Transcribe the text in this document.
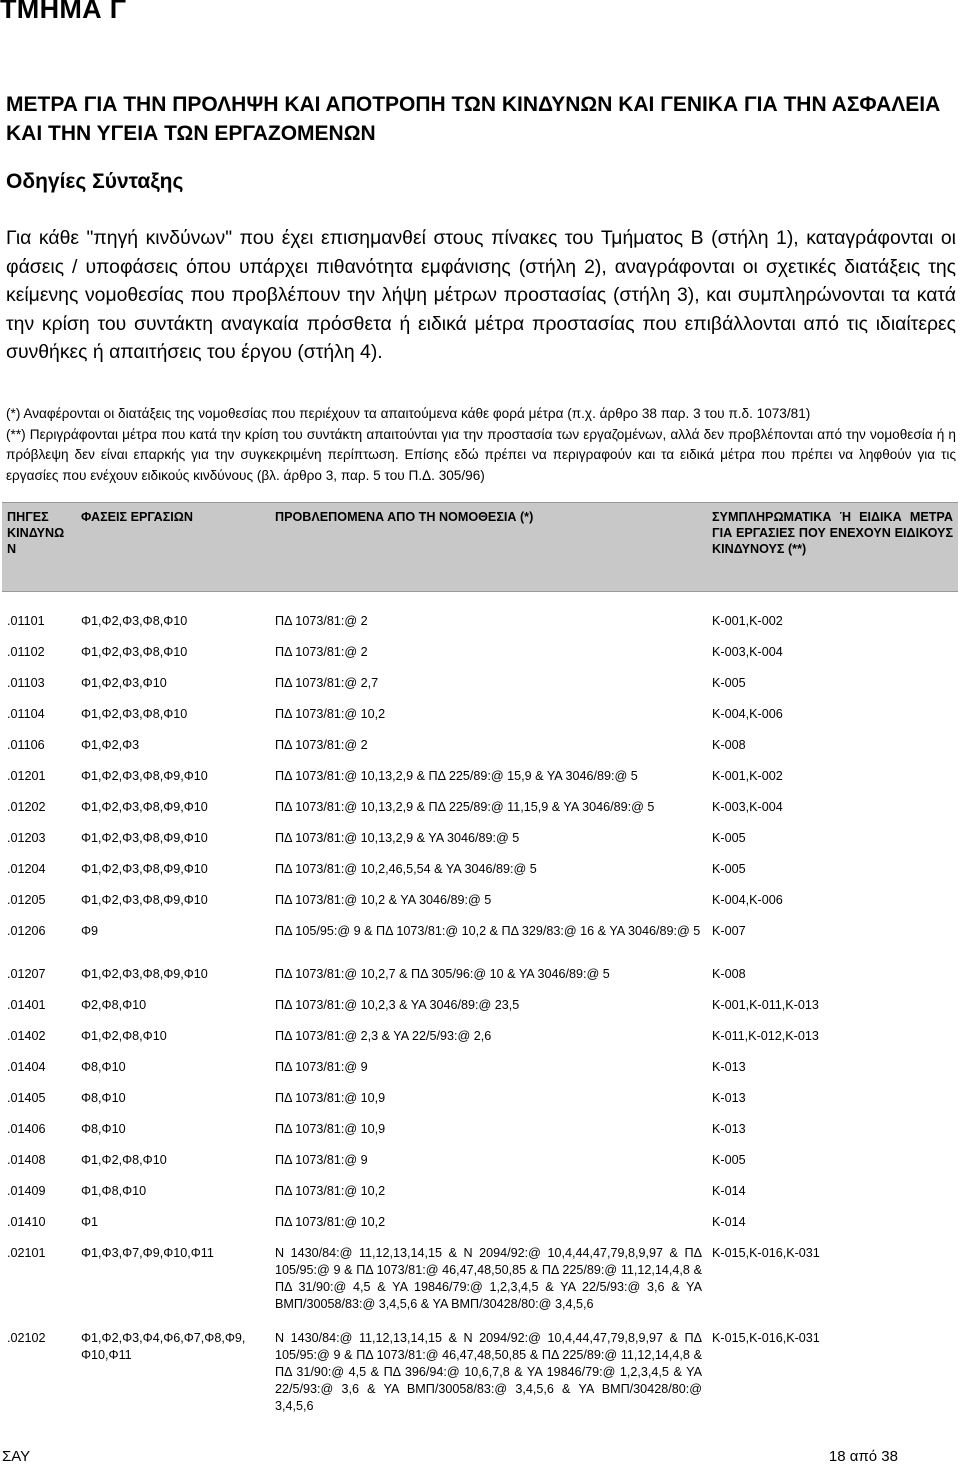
ΤΜΗΜΑ Γ
ΜΕΤΡΑ ΓΙΑ ΤΗΝ ΠΡΟΛΗΨΗ ΚΑΙ ΑΠΟΤΡΟΠΗ ΤΩΝ ΚΙΝΔΥΝΩΝ ΚΑΙ ΓΕΝΙΚΑ ΓΙΑ ΤΗΝ ΑΣΦΑΛΕΙΑ ΚΑΙ ΤΗΝ ΥΓΕΙΑ ΤΩΝ ΕΡΓΑΖΟΜΕΝΩΝ
Οδηγίες Σύνταξης

Για κάθε "πηγή κινδύνων" που έχει επισημανθεί στους πίνακες του Τμήματος Β (στήλη 1), καταγράφονται οι φάσεις / υποφάσεις όπου υπάρχει πιθανότητα εμφάνισης (στήλη 2), αναγράφονται οι σχετικές διατάξεις της κείμενης νομοθεσίας που προβλέπουν την λήψη μέτρων προστασίας (στήλη 3), και συμπληρώνονται τα κατά την κρίση του συντάκτη αναγκαία πρόσθετα ή ειδικά μέτρα προστασίας που επιβάλλονται από τις ιδιαίτερες συνθήκες ή απαιτήσεις του έργου (στήλη 4).

(*) Αναφέρονται οι διατάξεις της νομοθεσίας που περιέχουν τα απαιτούμενα κάθε φορά μέτρα (π.χ. άρθρο 38 παρ. 3 του π.δ. 1073/81)

(**) Περιγράφονται μέτρα που κατά την κρίση του συντάκτη απαιτούνται για την προστασία των εργαζομένων, αλλά δεν προβλέπονται από την νομοθεσία ή η πρόβλεψη δεν είναι επαρκής για την συγκεκριμένη περίπτωση. Επίσης εδώ πρέπει να περιγραφούν και τα ειδικά μέτρα που πρέπει να ληφθούν για τις εργασίες που ενέχουν ειδικούς κινδύνους (βλ. άρθρο 3, παρ. 5 του Π.Δ. 305/96)

ΠΗΓΕΣ ΚΙΝΔΥΝΩ Ν	ΦΑΣΕΙΣ ΕΡΓΑΣΙΩΝ	ΠΡΟΒΛΕΠΟΜΕΝΑ ΑΠΟ ΤΗ ΝΟΜΟΘΕΣΙΑ (*)	ΣΥΜΠΛΗΡΩΜΑΤΙΚΑ Ή ΕΙΔΙΚΑ ΜΕΤΡΑ ΓΙΑ ΕΡΓΑΣΙΕΣ ΠΟΥ ΕΝΕΧΟΥΝ ΕΙΔΙΚΟΥΣ ΚΙΝΔΥΝΟΥΣ (**)

.01101	Φ1,Φ2,Φ3,Φ8,Φ10	ΠΔ 1073/81:@ 2	Κ-001,Κ-002
.01102	Φ1,Φ2,Φ3,Φ8,Φ10	ΠΔ 1073/81:@ 2	Κ-003,Κ-004
.01103	Φ1,Φ2,Φ3,Φ10	ΠΔ 1073/81:@ 2,7	Κ-005
.01104	Φ1,Φ2,Φ3,Φ8,Φ10	ΠΔ 1073/81:@ 10,2	Κ-004,Κ-006
.01106	Φ1,Φ2,Φ3	ΠΔ 1073/81:@ 2	Κ-008
.01201	Φ1,Φ2,Φ3,Φ8,Φ9,Φ10	ΠΔ 1073/81:@ 10,13,2,9 & ΠΔ 225/89:@ 15,9 & ΥΑ 3046/89:@ 5	Κ-001,Κ-002
.01202	Φ1,Φ2,Φ3,Φ8,Φ9,Φ10	ΠΔ 1073/81:@ 10,13,2,9 & ΠΔ 225/89:@ 11,15,9 & ΥΑ 3046/89:@ 5	Κ-003,Κ-004
.01203	Φ1,Φ2,Φ3,Φ8,Φ9,Φ10	ΠΔ 1073/81:@ 10,13,2,9 & ΥΑ 3046/89:@ 5	Κ-005
.01204	Φ1,Φ2,Φ3,Φ8,Φ9,Φ10	ΠΔ 1073/81:@ 10,2,46,5,54 & ΥΑ 3046/89:@ 5	Κ-005
.01205	Φ1,Φ2,Φ3,Φ8,Φ9,Φ10	ΠΔ 1073/81:@ 10,2 & ΥΑ 3046/89:@ 5	Κ-004,Κ-006
.01206	Φ9	ΠΔ 105/95:@ 9 & ΠΔ 1073/81:@ 10,2 & ΠΔ 329/83:@ 16 & ΥΑ 3046/89:@ 5	Κ-007
.01207	Φ1,Φ2,Φ3,Φ8,Φ9,Φ10	ΠΔ 1073/81:@ 10,2,7 & ΠΔ 305/96:@ 10 & ΥΑ 3046/89:@ 5	Κ-008
.01401	Φ2,Φ8,Φ10	ΠΔ 1073/81:@ 10,2,3 & ΥΑ 3046/89:@ 23,5	Κ-001,Κ-011,Κ-013
.01402	Φ1,Φ2,Φ8,Φ10	ΠΔ 1073/81:@ 2,3 & ΥΑ 22/5/93:@ 2,6	Κ-011,Κ-012,Κ-013
.01404	Φ8,Φ10	ΠΔ 1073/81:@ 9	Κ-013
.01405	Φ8,Φ10	ΠΔ 1073/81:@ 10,9	Κ-013
.01406	Φ8,Φ10	ΠΔ 1073/81:@ 10,9	Κ-013
.01408	Φ1,Φ2,Φ8,Φ10	ΠΔ 1073/81:@ 9	Κ-005
.01409	Φ1,Φ8,Φ10	ΠΔ 1073/81:@ 10,2	Κ-014
.01410	Φ1	ΠΔ 1073/81:@ 10,2	Κ-014
.02101	Φ1,Φ3,Φ7,Φ9,Φ10,Φ11	Ν 1430/84:@ 11,12,13,14,15 & Ν 2094/92:@ 10,4,44,47,79,8,9,97 & ΠΔ 105/95:@ 9 & ΠΔ 1073/81:@ 46,47,48,50,85 & ΠΔ 225/89:@ 11,12,14,4,8 & ΠΔ 31/90:@ 4,5 & ΥΑ 19846/79:@ 1,2,3,4,5 & ΥΑ 22/5/93:@ 3,6 & ΥΑ ΒΜΠ/30058/83:@ 3,4,5,6 & ΥΑ ΒΜΠ/30428/80:@ 3,4,5,6	Κ-015,Κ-016,Κ-031
.02102	Φ1,Φ2,Φ3,Φ4,Φ6,Φ7,Φ8,Φ9, Φ10,Φ11	Ν 1430/84:@ 11,12,13,14,15 & Ν 2094/92:@ 10,4,44,47,79,8,9,97 & ΠΔ 105/95:@ 9 & ΠΔ 1073/81:@ 46,47,48,50,85 & ΠΔ 225/89:@ 11,12,14,4,8 & ΠΔ 31/90:@ 4,5 & ΠΔ 396/94:@ 10,6,7,8 & ΥΑ 19846/79:@ 1,2,3,4,5 & ΥΑ 22/5/93:@ 3,6 & ΥΑ ΒΜΠ/30058/83:@ 3,4,5,6 & ΥΑ ΒΜΠ/30428/80:@ 3,4,5,6	Κ-015,Κ-016,Κ-031
ΣΑΥ	18 από 38
